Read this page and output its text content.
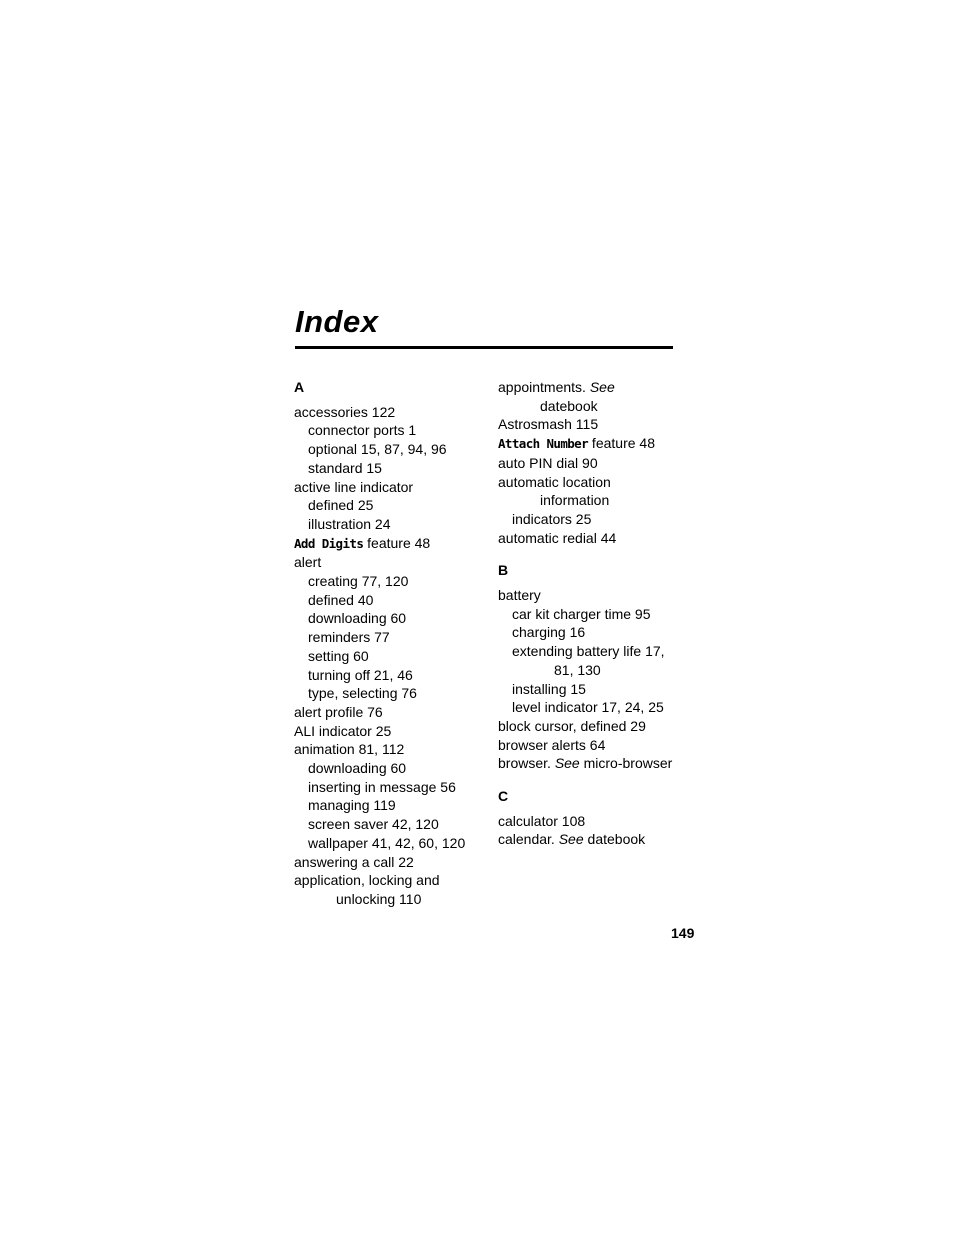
Index
A
accessories 122
connector ports 1
optional 15, 87, 94, 96
standard 15
active line indicator
defined 25
illustration 24
Add Digits feature 48
alert
creating 77, 120
defined 40
downloading 60
reminders 77
setting 60
turning off 21, 46
type, selecting 76
alert profile 76
ALI indicator 25
animation 81, 112
downloading 60
inserting in message 56
managing 119
screen saver 42, 120
wallpaper 41, 42, 60, 120
answering a call 22
application, locking and
unlocking 110
appointments. See
datebook
Astrosmash 115
Attach Number feature 48
auto PIN dial 90
automatic location
information
indicators 25
automatic redial 44
B
battery
car kit charger time 95
charging 16
extending battery life 17,
81, 130
installing 15
level indicator 17, 24, 25
block cursor, defined 29
browser alerts 64
browser. See micro-browser
C
calculator 108
calendar. See datebook
149
